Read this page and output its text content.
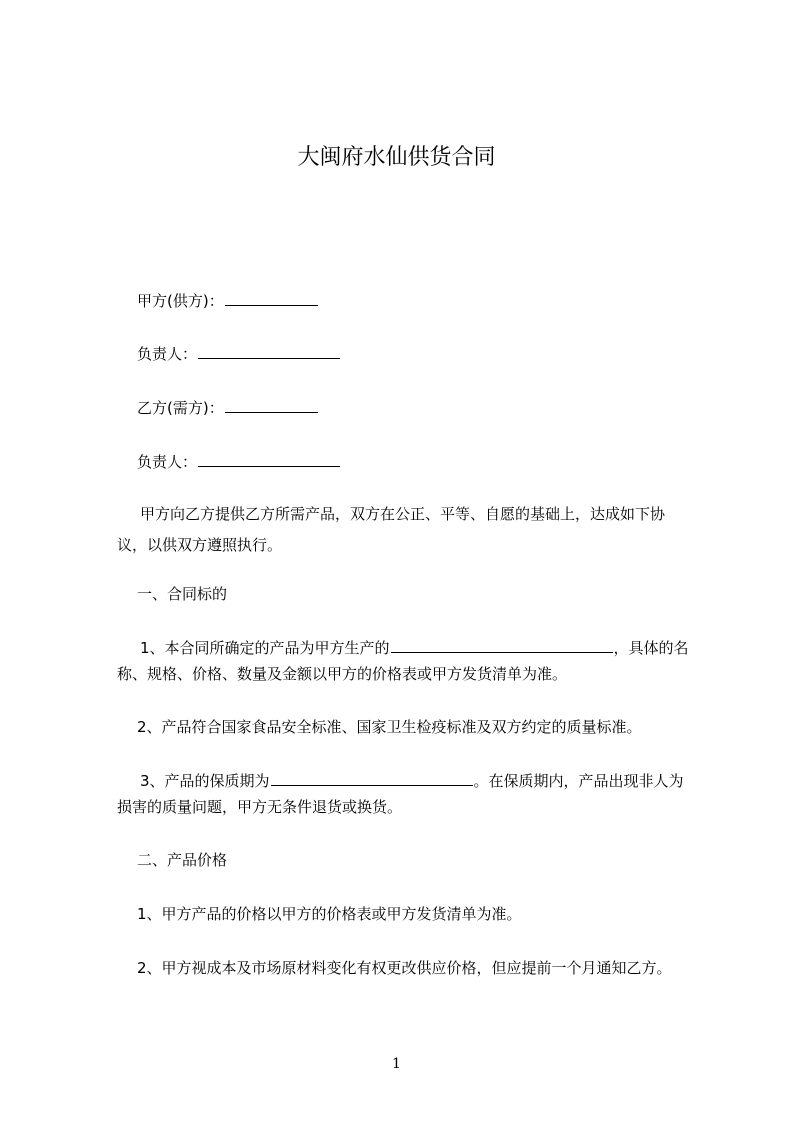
大闽府水仙供货合同
甲方(供方)：
负责人：
乙方(需方)：
负责人：
甲方向乙方提供乙方所需产品，双方在公正、平等、自愿的基础上，达成如下协
议，以供双方遵照执行。
一、合同标的
1、本合同所确定的产品为甲方生产的	，具体的名
称、规格、价格、数量及金额以甲方的价格表或甲方发货清单为准。
2、产品符合国家食品安全标准、国家卫生检疫标准及双方约定的质量标准。
3、产品的保质期为	。在保质期内，产品出现非人为
损害的质量问题，甲方无条件退货或换货。
二、产品价格
1、甲方产品的价格以甲方的价格表或甲方发货清单为准。
2、甲方视成本及市场原材料变化有权更改供应价格，但应提前一个月通知乙方。
1
